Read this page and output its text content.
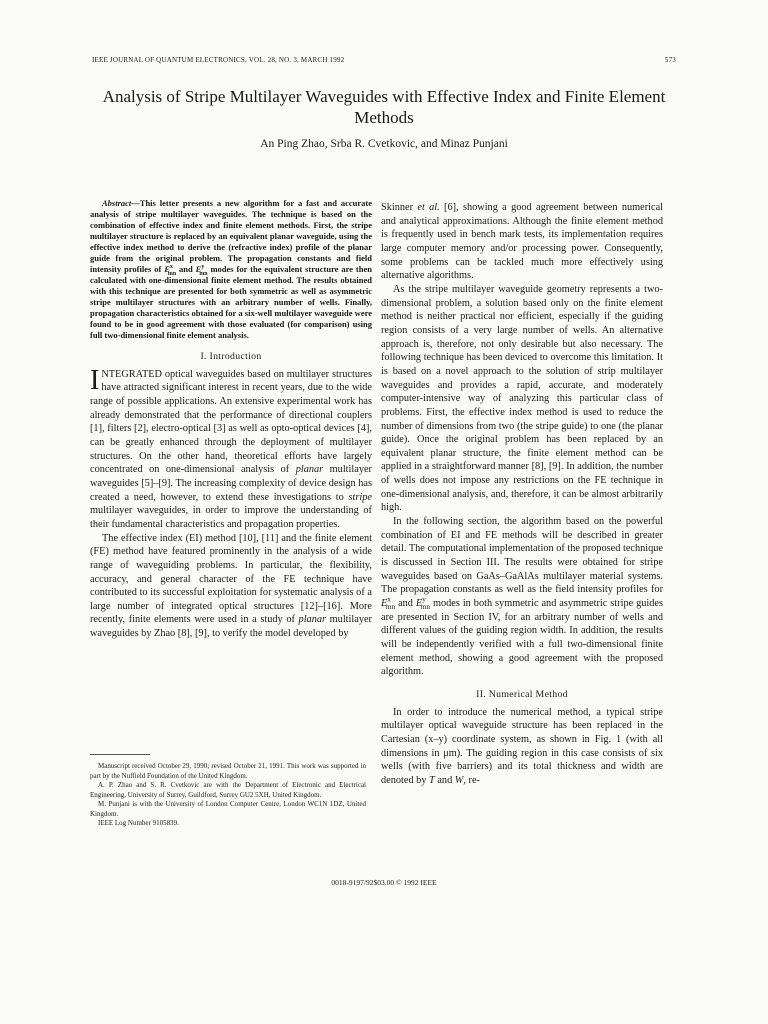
IEEE JOURNAL OF QUANTUM ELECTRONICS, VOL. 28, NO. 3, MARCH 1992	573
Analysis of Stripe Multilayer Waveguides with Effective Index and Finite Element Methods
An Ping Zhao, Srba R. Cvetkovic, and Minaz Punjani

Abstract—This letter presents a new algorithm for a fast and accurate analysis of stripe multilayer waveguides. The technique is based on the combination of effective index and finite element methods. First, the stripe multilayer structure is replaced by an equivalent planar waveguide, using the effective index method to derive the (refractive index) profile of the planar guide from the original problem. The propagation constants and field intensity profiles of $E^x_{mn}$ and $E^y_{mn}$ modes for the equivalent structure are then calculated with one-dimensional finite element method. The results obtained with this technique are presented for both symmetric as well as asymmetric stripe multilayer structures with an arbitrary number of wells. Finally, propagation characteristics obtained for a six-well multilayer waveguide were found to be in good agreement with those evaluated (for comparison) using full two-dimensional finite element analysis.

I. Introduction

INTEGRATED optical waveguides based on multilayer structures have attracted significant interest in recent years, due to the wide range of possible applications. An extensive experimental work has already demonstrated that the performance of directional couplers [1], filters [2], electro-optical [3] as well as opto-optical devices [4], can be greatly enhanced through the deployment of multilayer structures. On the other hand, theoretical efforts have largely concentrated on one-dimensional analysis of planar multilayer waveguides [5]–[9]. The increasing complexity of device design has created a need, however, to extend these investigations to stripe multilayer waveguides, in order to improve the understanding of their fundamental characteristics and propagation properties.

The effective index (EI) method [10], [11] and the finite element (FE) method have featured prominently in the analysis of a wide range of waveguiding problems. In particular, the flexibility, accuracy, and general character of the FE technique have contributed to its successful exploitation for systematic analysis of a large number of integrated optical structures [12]–[16]. More recently, finite elements were used in a study of planar multilayer waveguides by Zhao [8], [9], to verify the model developed by

Manuscript received October 29, 1990; revised October 21, 1991. This work was supported in part by the Nuffield Foundation of the United Kingdom.

A. P. Zhao and S. R. Cvetkovic are with the Department of Electronic and Electrical Engineering, University of Surrey, Guildford, Surrey GU2 5XH, United Kingdom.

M. Punjani is with the University of London Computer Centre, London WC1N 1DZ, United Kingdom.

IEEE Log Number 9105839.

Skinner et al. [6], showing a good agreement between numerical and analytical approximations. Although the finite element method is frequently used in bench mark tests, its implementation requires large computer memory and/or processing power. Consequently, some problems can be tackled much more effectively using alternative algorithms.

As the stripe multilayer waveguide geometry represents a two-dimensional problem, a solution based only on the finite element method is neither practical nor efficient, especially if the guiding region consists of a very large number of wells. An alternative approach is, therefore, not only desirable but also necessary. The following technique has been deviced to overcome this limitation. It is based on a novel approach to the solution of strip multilayer waveguides and provides a rapid, accurate, and moderately computer-intensive way of analyzing this particular class of problems. First, the effective index method is used to reduce the number of dimensions from two (the stripe guide) to one (the planar guide). Once the original problem has been replaced by an equivalent planar structure, the finite element method can be applied in a straightforward manner [8], [9]. In addition, the number of wells does not impose any restrictions on the FE technique in one-dimensional analysis, and, therefore, it can be almost arbitrarily high.

In the following section, the algorithm based on the powerful combination of EI and FE methods will be described in greater detail. The computational implementation of the proposed technique is discussed in Section III. The results were obtained for stripe waveguides based on GaAs–GaAlAs multilayer material systems. The propagation constants as well as the field intensity profiles for $E^x_{mn}$ and $E^y_{mn}$ modes in both symmetric and asymmetric stripe guides are presented in Section IV, for an arbitrary number of wells and different values of the guiding region width. In addition, the results will be independently verified with a full two-dimensional finite element method, showing a good agreement with the proposed algorithm.

II. Numerical Method

In order to introduce the numerical method, a typical stripe multilayer optical waveguide structure has been replaced in the Cartesian (x–y) coordinate system, as shown in Fig. 1 (with all dimensions in μm). The guiding region in this case consists of six wells (with five barriers) and its total thickness and width are denoted by T and W, re-

0018-9197/92$03.00 © 1992 IEEE
